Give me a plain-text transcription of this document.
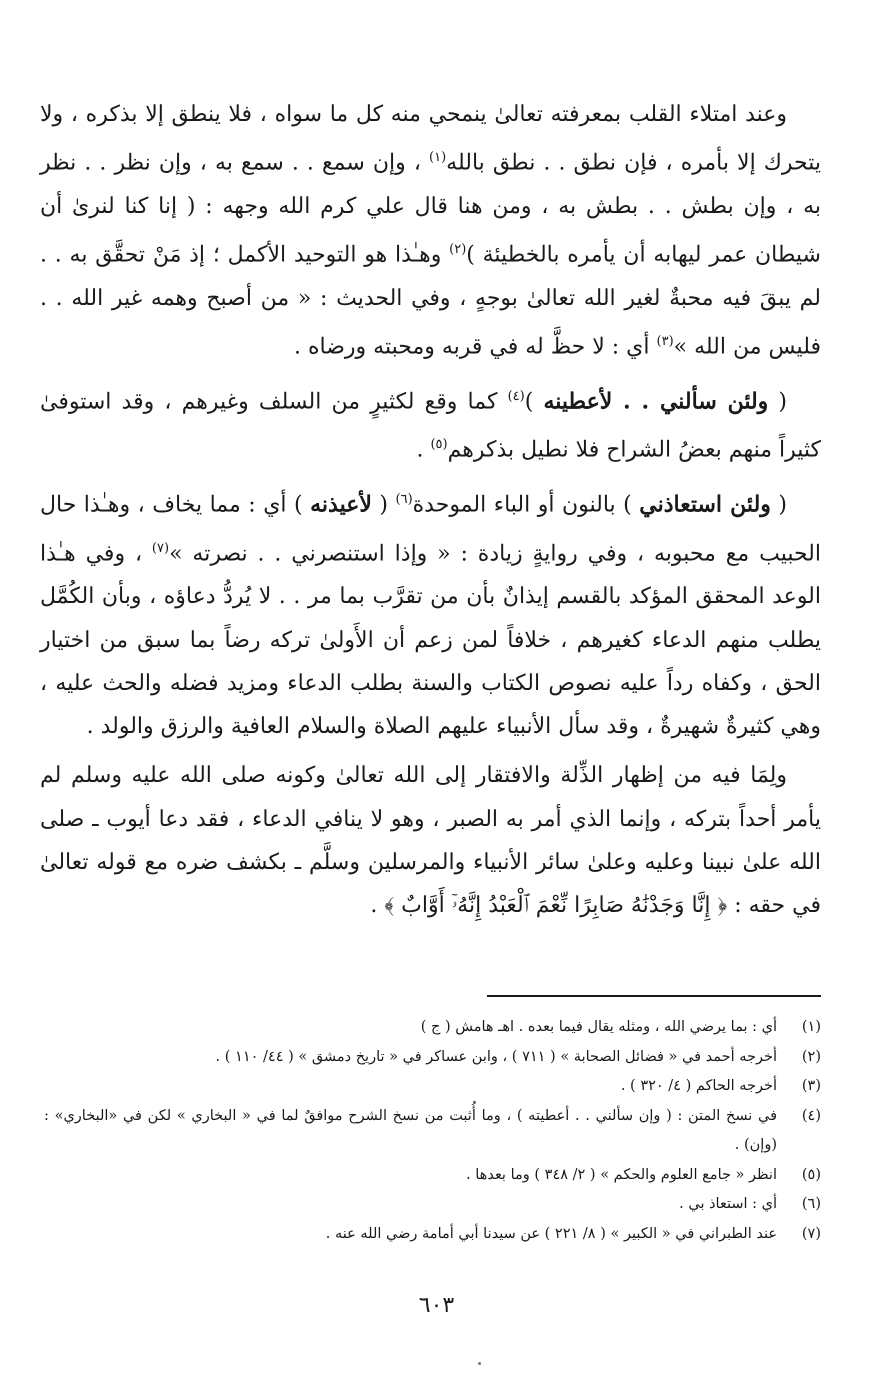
وعند امتلاء القلب بمعرفته تعالىٰ ينمحي منه كل ما سواه ، فلا ينطق إلا بذكره ، ولا يتحرك إلا بأمره ، فإن نطق . . نطق بالله$^{(١)}$ ، وإن سمع . . سمع به ، وإن نظر . . نظر به ، وإن بطش . . بطش به ، ومن هنا قال علي كرم الله وجهه : ( إنا كنا لنرىٰ أن شيطان عمر ليهابه أن يأمره بالخطيئة )$^{(٢)}$ وهـٰذا هو التوحيد الأكمل ؛ إذ مَنْ تحقَّق به . . لم يبقَ فيه محبةٌ لغير الله تعالىٰ بوجهٍ ، وفي الحديث : « من أصبح وهمه غير الله . . فليس من الله »$^{(٣)}$ أي : لا حظَّ له في قربه ومحبته ورضاه .

( ولئن سألني . . لأعطينه )$^{(٤)}$ كما وقع لكثيرٍ من السلف وغيرهم ، وقد استوفىٰ كثيراً منهم بعضُ الشراح فلا نطيل بذكرهم$^{(٥)}$ .

( ولئن استعاذني ) بالنون أو الباء الموحدة$^{(٦)}$ ( لأعيذنه ) أي : مما يخاف ، وهـٰذا حال الحبيب مع محبوبه ، وفي روايةٍ زيادة : « وإذا استنصرني . . نصرته »$^{(٧)}$ ، وفي هـٰذا الوعد المحقق المؤكد بالقسم إيذانٌ بأن من تقرَّب بما مر . . لا يُردُّ دعاؤه ، وبأن الكُمَّل يطلب منهم الدعاء كغيرهم ، خلافاً لمن زعم أن الأَولىٰ تركه رضاً بما سبق من اختيار الحق ، وكفاه رداً عليه نصوص الكتاب والسنة بطلب الدعاء ومزيد فضله والحث عليه ، وهي كثيرةٌ شهيرةٌ ، وقد سأل الأنبياء عليهم الصلاة والسلام العافية والرزق والولد .

ولِمَا فيه من إظهار الذِّلة والافتقار إلى الله تعالىٰ وكونه صلى الله عليه وسلم لم يأمر أحداً بتركه ، وإنما الذي أمر به الصبر ، وهو لا ينافي الدعاء ، فقد دعا أيوب ـ صلى الله علىٰ نبينا وعليه وعلىٰ سائر الأنبياء والمرسلين وسلَّم ـ بكشف ضره مع قوله تعالىٰ في حقه : ﴿ إِنَّا وَجَدْنَٰهُ صَابِرًا نِّعْمَ ٱلْعَبْدُ إِنَّهُۥٓ أَوَّابٌ ﴾ .

(١)
أي : بما يرضي الله ، ومثله يقال فيما بعده . اهـ هامش ( ج )
(٢)
أخرجه أحمد في « فضائل الصحابة » ( ٧١١ ) ، وابن عساكر في « تاريخ دمشق » ( ٤٤/ ١١٠ ) .
(٣)
أخرجه الحاكم ( ٤/ ٣٢٠ ) .
(٤)
في نسخ المتن : ( وإن سألني . . أعطيته ) ، وما أُثبت من نسخ الشرح موافقٌ لما في « البخاري » لكن في «البخاري» : (وإن) .
(٥)
انظر « جامع العلوم والحكم » ( ٢/ ٣٤٨ ) وما بعدها .
(٦)
أي : استعاذ بي .
(٧)
عند الطبراني في « الكبير » ( ٨/ ٢٢١ ) عن سيدنا أبي أمامة رضي الله عنه .
٦٠٣
